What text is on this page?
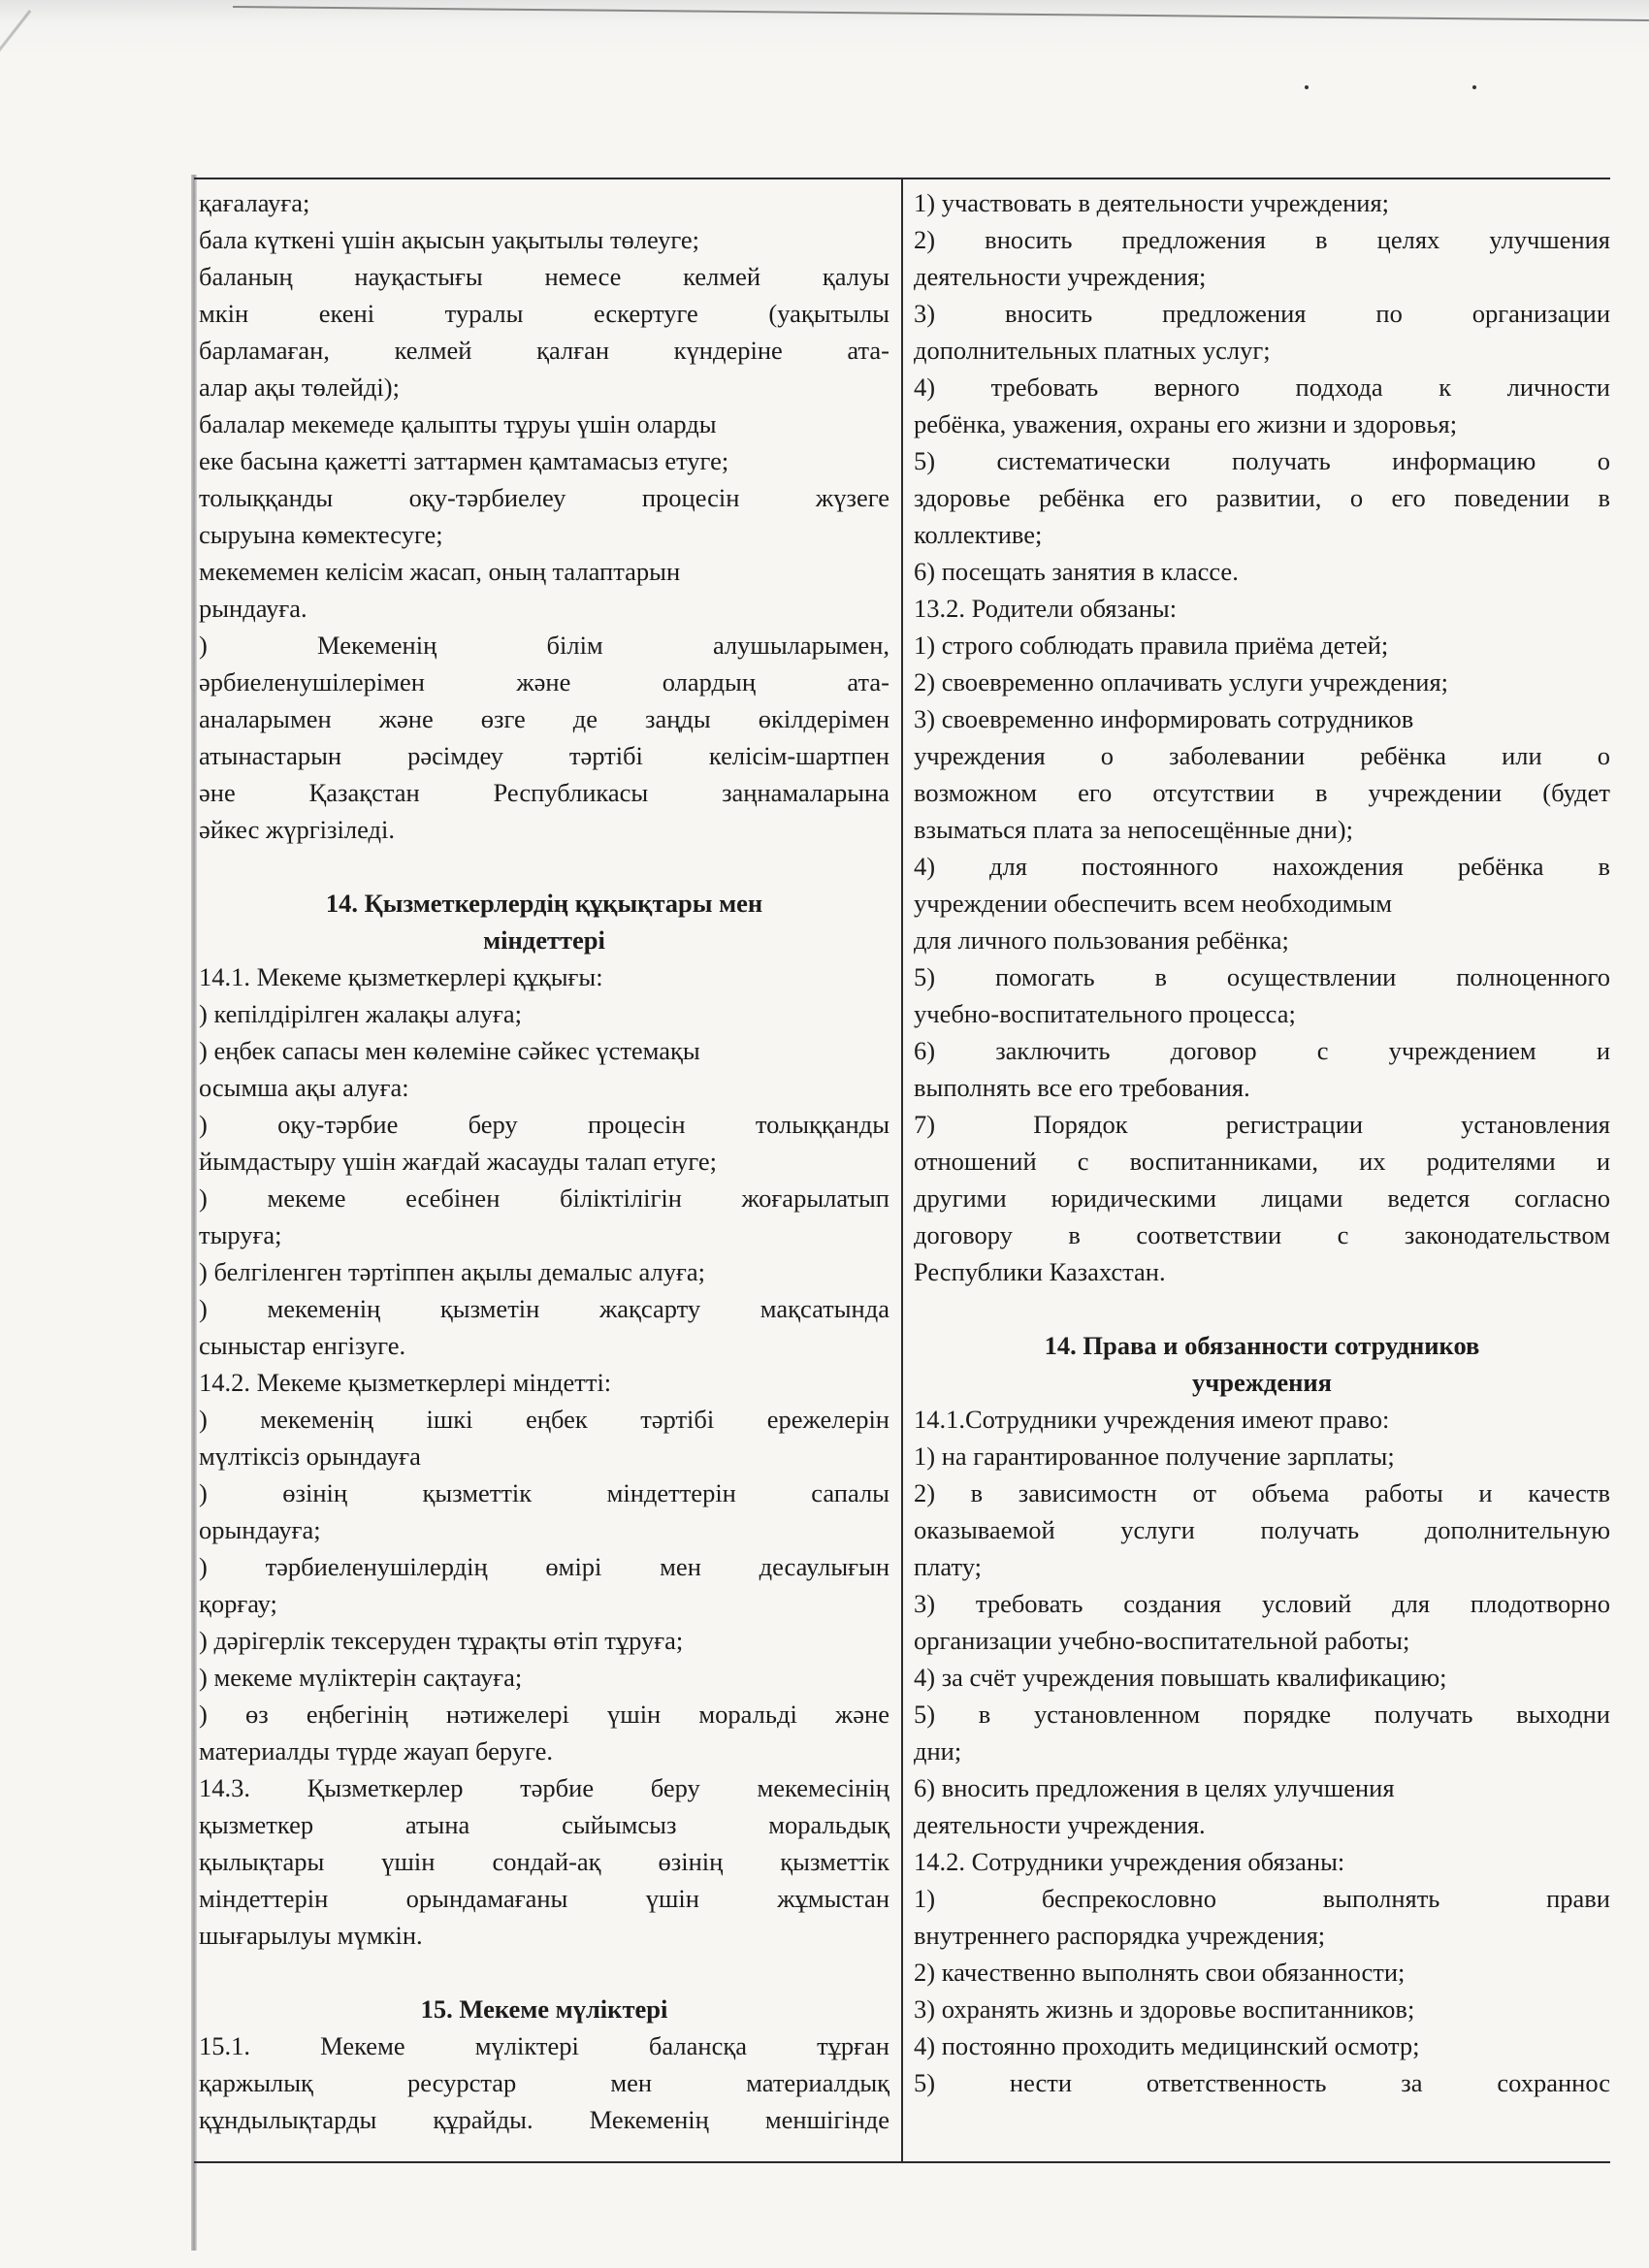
қағалауға;
бала күткені үшін ақысын уақытылы төлеуге;
баланың науқастығы немесе келмей қалуы
мкін екені туралы ескертуге (уақытылы
барламаған, келмей қалған күндеріне ата-
алар ақы төлейді);
балалар мекемеде қалыпты тұруы үшін оларды
еке басына қажетті заттармен қамтамасыз етуге;
толыққанды оқу-тәрбиелеу процесін жүзеге
сыруына көмектесуге;
мекемемен келісім жасап, оның талаптарын
рындауға.
) Мекеменің білім алушыларымен,
әрбиеленушілерімен және олардың ата-
аналарымен және өзге де заңды өкілдерімен
атынастарын рәсімдеу тәртібі келісім-шартпен
әне Қазақстан Республикасы заңнамаларына
әйкес жүргізіледі.
14. Қызметкерлердің құқықтары мен
міндеттері
14.1. Мекеме қызметкерлері құқығы:
) кепілдірілген жалақы алуға;
) еңбек сапасы мен көлеміне сәйкес үстемақы
осымша ақы алуға:
) оқу-тәрбие беру процесін толыққанды
йымдастыру үшін жағдай жасауды талап етуге;
) мекеме есебінен біліктілігін жоғарылатып
тыруға;
) белгіленген тәртіппен ақылы демалыс алуға;
) мекеменің қызметін жақсарту мақсатында
сыныстар енгізуге.
14.2. Мекеме қызметкерлері міндетті:
) мекеменің ішкі еңбек тәртібі ережелерін
мүлтіксіз орындауға
) өзінің қызметтік міндеттерін сапалы
орындауға;
) тәрбиеленушілердің өмірі мен десаулығын
қорғау;
) дәрігерлік тексеруден тұрақты өтіп тұруға;
) мекеме мүліктерін сақтауға;
) өз еңбегінің нәтижелері үшін моральді және
материалды түрде жауап беруге.
14.3. Қызметкерлер тәрбие беру мекемесінің
қызметкер атына сыйымсыз моральдық
қылықтары үшін сондай-ақ өзінің қызметтік
міндеттерін орындамағаны үшін жұмыстан
шығарылуы мүмкін.
15. Мекеме мүліктері
15.1. Мекеме мүліктері балансқа тұрған
қаржылық ресурстар мен материалдық
құндылықтарды құрайды. Мекеменің меншігінде
1) участвовать в деятельности учреждения;
2) вносить предложения в целях улучшения
деятельности учреждения;
3) вносить предложения по организации
дополнительных платных услуг;
4) требовать верного подхода к личности
ребёнка, уважения, охраны его жизни и здоровья;
5) систематически получать информацию о
здоровье ребёнка его развитии, о его поведении в
коллективе;
6) посещать занятия в классе.
13.2. Родители обязаны:
1) строго соблюдать правила приёма детей;
2) своевременно оплачивать услуги учреждения;
3) своевременно информировать сотрудников
учреждения о заболевании ребёнка или о
возможном его отсутствии в учреждении (будет
взыматься плата за непосещённые дни);
4) для постоянного нахождения ребёнка в
учреждении обеспечить всем необходимым
для личного пользования ребёнка;
5) помогать в осуществлении полноценного
учебно-воспитательного процесса;
6) заключить договор с учреждением и
выполнять все его требования.
7) Порядок регистрации установления
отношений с воспитанниками, их родителями и
другими юридическими лицами ведется согласно
договору в соответствии с законодательством
Республики Казахстан.
14. Права и обязанности сотрудников
учреждения
14.1.Сотрудники учреждения имеют право:
1) на гарантированное получение зарплаты;
2) в зависимостн от объема работы и качеств
оказываемой услуги получать дополнительную
плату;
3) требовать создания условий для плодотворно
организации учебно-воспитательной работы;
4) за счёт учреждения повышать квалификацию;
5) в установленном порядке получать выходни
дни;
6) вносить предложения в целях улучшения
деятельности учреждения.
14.2. Сотрудники учреждения обязаны:
1) беспрекословно выполнять прави
внутреннего распорядка учреждения;
2) качественно выполнять свои обязанности;
3) охранять жизнь и здоровье воспитанников;
4) постоянно проходить медицинский осмотр;
5) нести ответственность за сохраннос
